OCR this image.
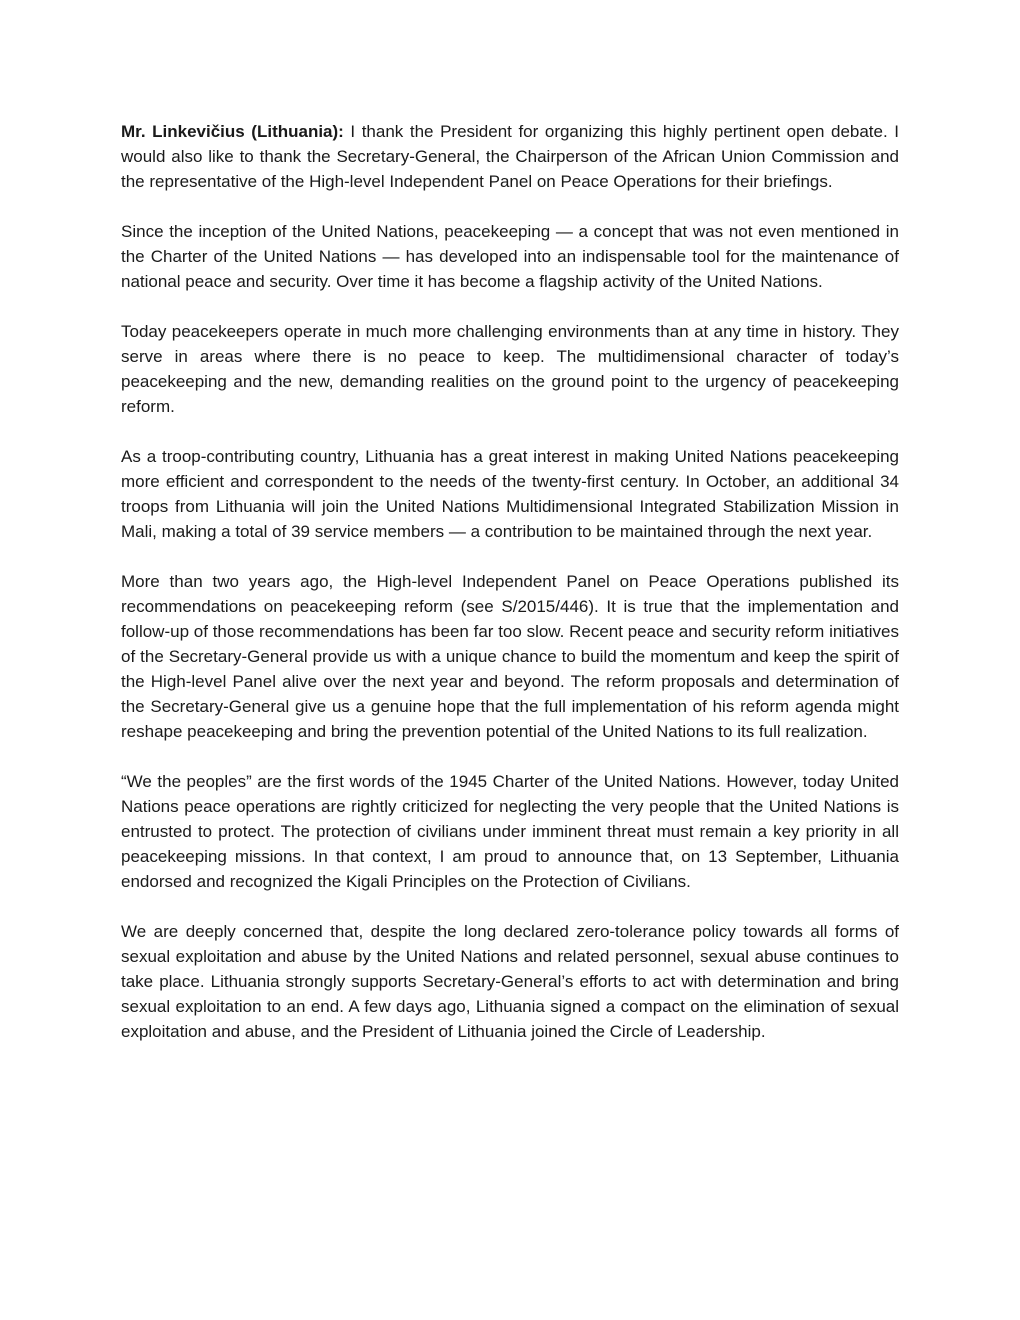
Mr. Linkevičius (Lithuania): I thank the President for organizing this highly pertinent open debate. I would also like to thank the Secretary-General, the Chairperson of the African Union Commission and the representative of the High-level Independent Panel on Peace Operations for their briefings.

Since the inception of the United Nations, peacekeeping — a concept that was not even mentioned in the Charter of the United Nations — has developed into an indispensable tool for the maintenance of national peace and security. Over time it has become a flagship activity of the United Nations.

Today peacekeepers operate in much more challenging environments than at any time in history. They serve in areas where there is no peace to keep. The multidimensional character of today’s peacekeeping and the new, demanding realities on the ground point to the urgency of peacekeeping reform.

As a troop-contributing country, Lithuania has a great interest in making United Nations peacekeeping more efficient and correspondent to the needs of the twenty-first century. In October, an additional 34 troops from Lithuania will join the United Nations Multidimensional Integrated Stabilization Mission in Mali, making a total of 39 service members — a contribution to be maintained through the next year.

More than two years ago, the High-level Independent Panel on Peace Operations published its recommendations on peacekeeping reform (see S/2015/446). It is true that the implementation and follow-up of those recommendations has been far too slow. Recent peace and security reform initiatives of the Secretary-General provide us with a unique chance to build the momentum and keep the spirit of the High-level Panel alive over the next year and beyond. The reform proposals and determination of the Secretary-General give us a genuine hope that the full implementation of his reform agenda might reshape peacekeeping and bring the prevention potential of the United Nations to its full realization.

“We the peoples” are the first words of the 1945 Charter of the United Nations. However, today United Nations peace operations are rightly criticized for neglecting the very people that the United Nations is entrusted to protect. The protection of civilians under imminent threat must remain a key priority in all peacekeeping missions. In that context, I am proud to announce that, on 13 September, Lithuania endorsed and recognized the Kigali Principles on the Protection of Civilians.

We are deeply concerned that, despite the long declared zero-tolerance policy towards all forms of sexual exploitation and abuse by the United Nations and related personnel, sexual abuse continues to take place. Lithuania strongly supports Secretary-General’s efforts to act with determination and bring sexual exploitation to an end. A few days ago, Lithuania signed a compact on the elimination of sexual exploitation and abuse, and the President of Lithuania joined the Circle of Leadership.
